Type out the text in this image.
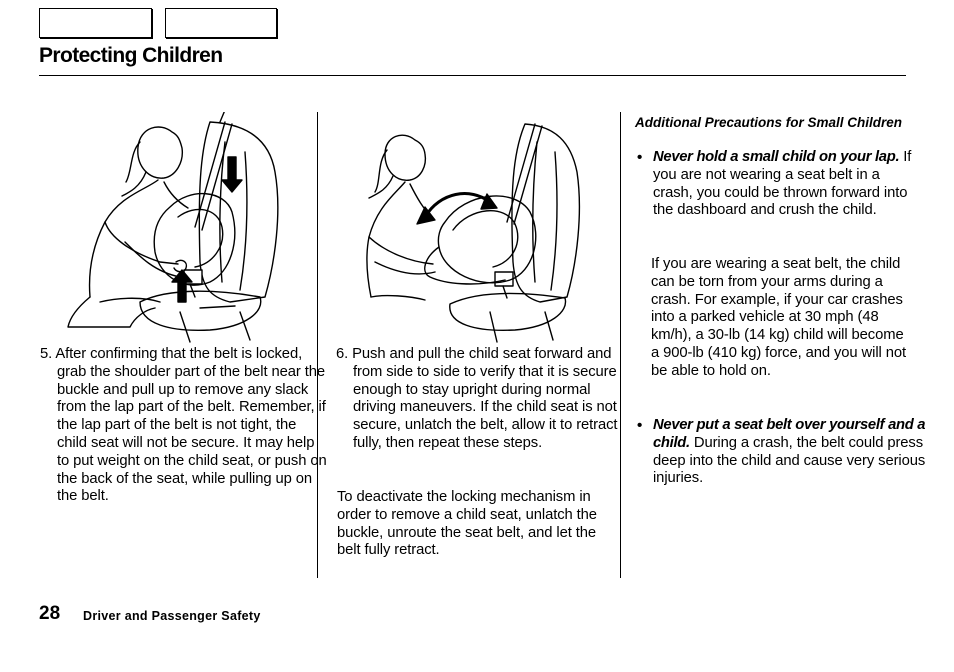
Protecting Children
5. After confirming that the belt is locked, grab the shoulder part of the belt near the buckle and pull up to remove any slack from the lap part of the belt. Remember, if the lap part of the belt is not tight, the child seat will not be secure. It may help to put weight on the child seat, or push on the back of the seat, while pulling up on the belt.
6. Push and pull the child seat forward and from side to side to verify that it is secure enough to stay upright during normal driving maneuvers. If the child seat is not secure, unlatch the belt, allow it to retract fully, then repeat these steps.
To deactivate the locking mechanism in order to remove a child seat, unlatch the buckle, unroute the seat belt, and let the belt fully retract.
Additional Precautions for Small Children
• Never hold a small child on your lap. If you are not wearing a seat belt in a crash, you could be thrown forward into the dashboard and crush the child.
If you are wearing a seat belt, the child can be torn from your arms during a crash. For example, if your car crashes into a parked vehicle at 30 mph (48 km/h), a 30-lb (14 kg) child will become a 900-lb (410 kg) force, and you will not be able to hold on.
• Never put a seat belt over yourself and a child. During a crash, the belt could press deep into the child and cause very serious injuries.
28 Driver and Passenger Safety
